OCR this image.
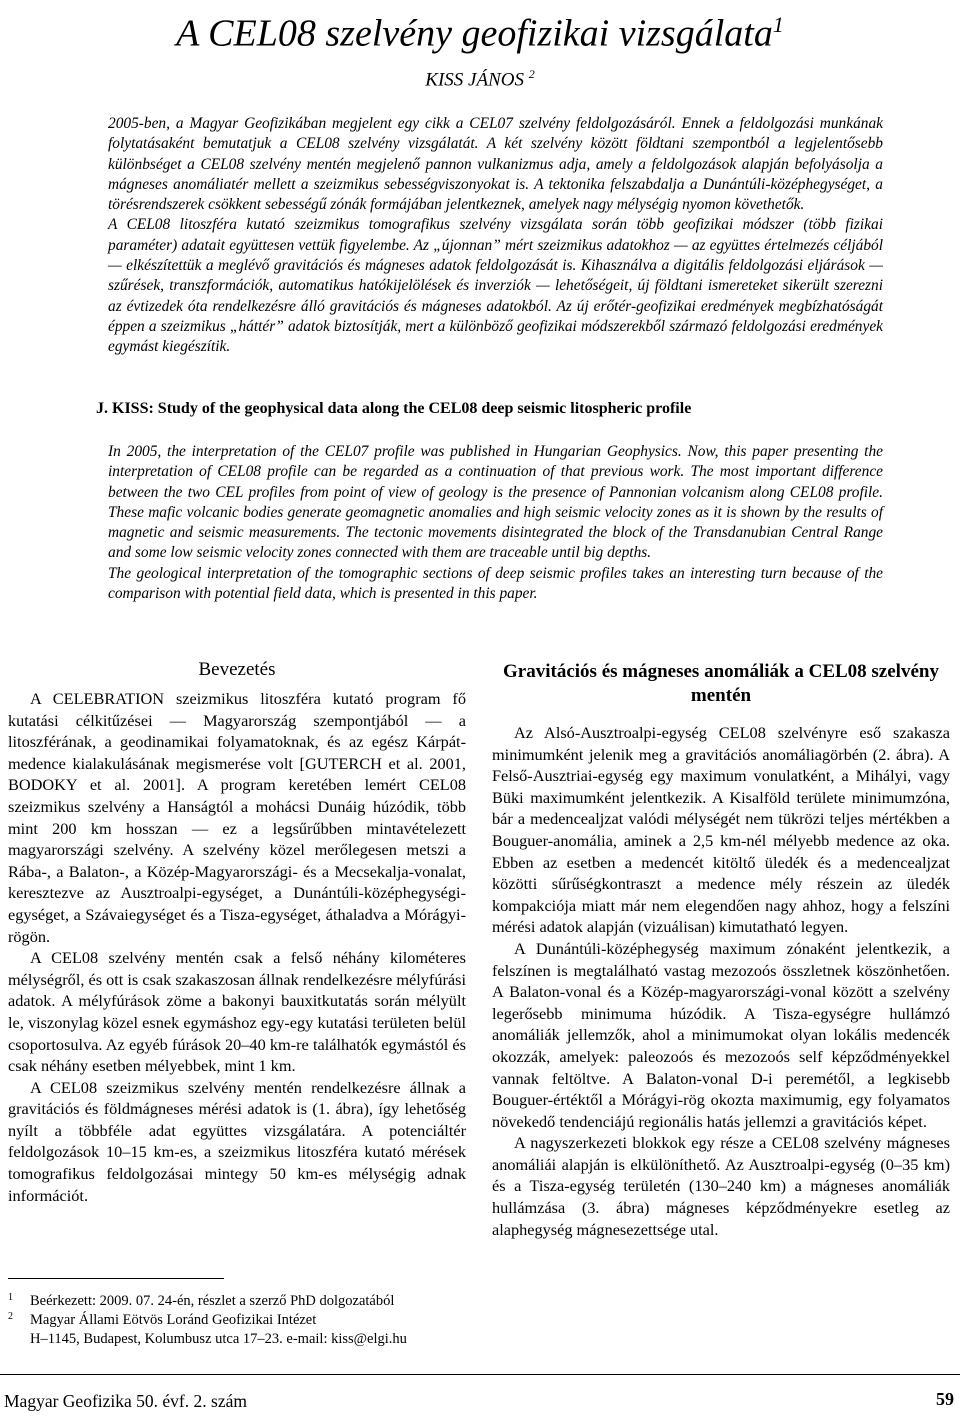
A CEL08 szelvény geofizikai vizsgálata$^1$
KISS JÁNOS $^2$

2005-ben, a Magyar Geofizikában megjelent egy cikk a CEL07 szelvény feldolgozásáról. Ennek a feldolgozási munkának folytatásaként bemutatjuk a CEL08 szelvény vizsgálatát. A két szelvény között földtani szempontból a legjelentősebb különbséget a CEL08 szelvény mentén megjelenő pannon vulkanizmus adja, amely a feldolgozások alapján befolyásolja a mágneses anomáliatér mellett a szeizmikus sebességviszonyokat is. A tektonika felszabdalja a Dunántúli-középhegységet, a törésrendszerek csökkent sebességű zónák formájában jelentkeznek, amelyek nagy mélységig nyomon követhetők.

A CEL08 litoszféra kutató szeizmikus tomografikus szelvény vizsgálata során több geofizikai módszer (több fizikai paraméter) adatait együttesen vettük figyelembe. Az „újonnan” mért szeizmikus adatokhoz — az együttes értelmezés céljából — elkészítettük a meglévő gravitációs és mágneses adatok feldolgozását is. Kihasználva a digitális feldolgozási eljárások — szűrések, transzformációk, automatikus hatókijelölések és inverziók — lehetőségeit, új földtani ismereteket sikerült szerezni az évtizedek óta rendelkezésre álló gravitációs és mágneses adatokból. Az új erőtér-geofizikai eredmények megbízhatóságát éppen a szeizmikus „háttér” adatok biztosítják, mert a különböző geofizikai módszerekből származó feldolgozási eredmények egymást kiegészítik.

J. KISS: Study of the geophysical data along the CEL08 deep seismic litospheric profile

In 2005, the interpretation of the CEL07 profile was published in Hungarian Geophysics. Now, this paper presenting the interpretation of CEL08 profile can be regarded as a continuation of that previous work. The most important difference between the two CEL profiles from point of view of geology is the presence of Pannonian volcanism along CEL08 profile. These mafic volcanic bodies generate geomagnetic anomalies and high seismic velocity zones as it is shown by the results of magnetic and seismic measurements. The tectonic movements disintegrated the block of the Transdanubian Central Range and some low seismic velocity zones connected with them are traceable until big depths.

The geological interpretation of the tomographic sections of deep seismic profiles takes an interesting turn because of the comparison with potential field data, which is presented in this paper.

Bevezetés

A CELEBRATION szeizmikus litoszféra kutató program fő kutatási célkitűzései — Magyarország szempontjából — a litoszférának, a geodinamikai folyamatoknak, és az egész Kárpát-medence kialakulásának megismerése volt [GUTERCH et al. 2001, BODOKY et al. 2001]. A program keretében lemért CEL08 szeizmikus szelvény a Hanságtól a mohácsi Dunáig húzódik, több mint 200 km hosszan — ez a legsűrűbben mintavételezett magyarországi szelvény. A szelvény közel merőlegesen metszi a Rába-, a Balaton-, a Közép-Magyarországi- és a Mecsekalja-vonalat, keresztezve az Ausztroalpi-egységet, a Dunántúli-középhegységi-egységet, a Szávaiegységet és a Tisza-egységet, áthaladva a Mórágyi-rögön.

A CEL08 szelvény mentén csak a felső néhány kilométeres mélységről, és ott is csak szakaszosan állnak rendelkezésre mélyfúrási adatok. A mélyfúrások zöme a bakonyi bauxitkutatás során mélyült le, viszonylag közel esnek egymáshoz egy-egy kutatási területen belül csoportosulva. Az egyéb fúrások 20–40 km-re találhatók egymástól és csak néhány esetben mélyebbek, mint 1 km.

A CEL08 szeizmikus szelvény mentén rendelkezésre állnak a gravitációs és földmágneses mérési adatok is (1. ábra), így lehetőség nyílt a többféle adat együttes vizsgálatára. A potenciáltér feldolgozások 10–15 km-es, a szeizmikus litoszféra kutató mérések tomografikus feldolgozásai mintegy 50 km-es mélységig adnak információt.

Gravitációs és mágneses anomáliák a CEL08 szelvény mentén

Az Alsó-Ausztroalpi-egység CEL08 szelvényre eső szakasza minimumként jelenik meg a gravitációs anomáliagörbén (2. ábra). A Felső-Ausztriai-egység egy maximum vonulatként, a Mihályi, vagy Büki maximumként jelentkezik. A Kisalföld területe minimumzóna, bár a medencealjzat valódi mélységét nem tükrözi teljes mértékben a Bouguer-anomália, aminek a 2,5 km-nél mélyebb medence az oka. Ebben az esetben a medencét kitöltő üledék és a medencealjzat közötti sűrűségkontraszt a medence mély részein az üledék kompakciója miatt már nem elegendően nagy ahhoz, hogy a felszíni mérési adatok alapján (vizuálisan) kimutatható legyen.

A Dunántúli-középhegység maximum zónaként jelentkezik, a felszínen is megtalálható vastag mezozoós összletnek köszönhetően. A Balaton-vonal és a Közép-magyarországi-vonal között a szelvény legerősebb minimuma húzódik. A Tisza-egységre hullámzó anomáliák jellemzők, ahol a minimumokat olyan lokális medencék okozzák, amelyek: paleozoós és mezozoós self képződményekkel vannak feltöltve. A Balaton-vonal D-i peremétől, a legkisebb Bouguer-értéktől a Mórágyi-rög okozta maximumig, egy folyamatos növekedő tendenciájú regionális hatás jellemzi a gravitációs képet.

A nagyszerkezeti blokkok egy része a CEL08 szelvény mágneses anomáliái alapján is elkülöníthető. Az Ausztroalpi-egység (0–35 km) és a Tisza-egység területén (130–240 km) a mágneses anomáliák hullámzása (3. ábra) mágneses képződményekre esetleg az alaphegység mágnesezettsége utal.

$^1$ Beérkezett: 2009. 07. 24-én, részlet a szerző PhD dolgozatából
$^2$ Magyar Állami Eötvös Loránd Geofizikai Intézet
H–1145, Budapest, Kolumbusz utca 17–23. e-mail: kiss@elgi.hu
Magyar Geofizika 50. évf. 2. szám	59
